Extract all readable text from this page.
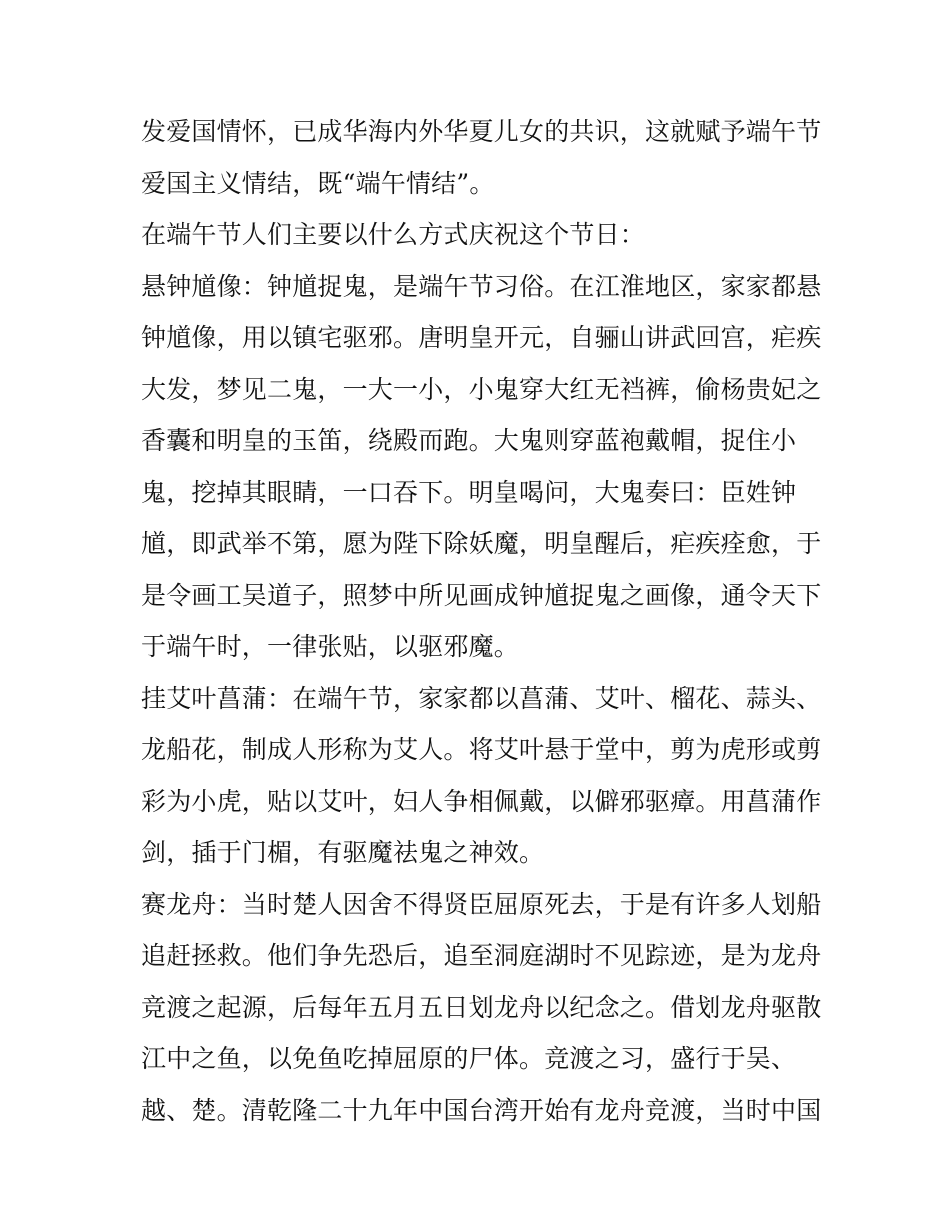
发爱国情怀，已成华海内外华夏儿女的共识，这就赋予端午节
爱国主义情结，既“端午情结”。
在端午节人们主要以什么方式庆祝这个节日：
悬钟馗像：钟馗捉鬼，是端午节习俗。在江淮地区，家家都悬
钟馗像，用以镇宅驱邪。唐明皇开元，自骊山讲武回宫，疟疾
大发，梦见二鬼，一大一小，小鬼穿大红无裆裤，偷杨贵妃之
香囊和明皇的玉笛，绕殿而跑。大鬼则穿蓝袍戴帽，捉住小
鬼，挖掉其眼睛，一口吞下。明皇喝问，大鬼奏曰：臣姓钟
馗，即武举不第，愿为陛下除妖魔，明皇醒后，疟疾痊愈，于
是令画工吴道子，照梦中所见画成钟馗捉鬼之画像，通令天下
于端午时，一律张贴，以驱邪魔。
挂艾叶菖蒲：在端午节，家家都以菖蒲、艾叶、榴花、蒜头、
龙船花，制成人形称为艾人。将艾叶悬于堂中，剪为虎形或剪
彩为小虎，贴以艾叶，妇人争相佩戴，以僻邪驱瘴。用菖蒲作
剑，插于门楣，有驱魔祛鬼之神效。
赛龙舟：当时楚人因舍不得贤臣屈原死去，于是有许多人划船
追赶拯救。他们争先恐后，追至洞庭湖时不见踪迹，是为龙舟
竞渡之起源，后每年五月五日划龙舟以纪念之。借划龙舟驱散
江中之鱼，以免鱼吃掉屈原的尸体。竞渡之习，盛行于吴、
越、楚。清乾隆二十九年中国台湾开始有龙舟竞渡，当时中国
